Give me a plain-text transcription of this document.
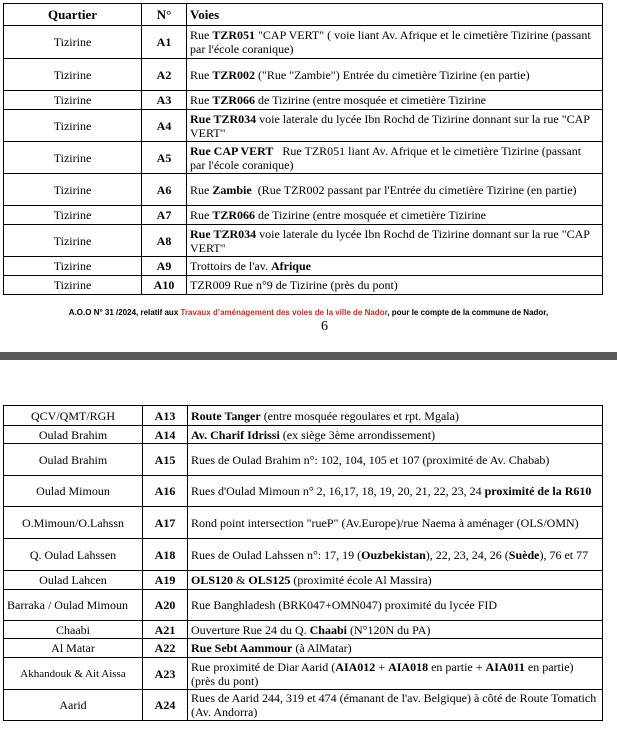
Quartier	N°	Voies
Tizirine	A1	Rue TZR051 "CAP VERT" ( voie liant Av. Afrique et le cimetière Tizirine (passant par l'école coranique)
Tizirine	A2	Rue TZR002 ("Rue "Zambie") Entrée du cimetière Tizirine (en partie)
Tizirine	A3	Rue TZR066 de Tizirine (entre mosquée et cimetière Tizirine
Tizirine	A4	Rue TZR034 voie laterale du lycée Ibn Rochd de Tizirine donnant sur la rue "CAP VERT"
Tizirine	A5	Rue CAP VERT   Rue TZR051 liant Av. Afrique et le cimetière Tizirine (passant par l'école coranique)
Tizirine	A6	Rue Zambie  (Rue TZR002 passant par l'Entrée du cimetière Tizirine (en partie)
Tizirine	A7	Rue TZR066 de Tizirine (entre mosquée et cimetière Tizirine
Tizirine	A8	Rue TZR034 voie laterale du lycée Ibn Rochd de Tizirine donnant sur la rue "CAP VERT"
Tizirine	A9	Trottoirs de l'av. Afrique
Tizirine	A10	TZR009 Rue n°9 de Tizirine (près du pont)
A.O.O N° 31 /2024, relatif aux Travaux d’aménagement des voies de la ville de Nador, pour le compte de la commune de Nador,
6
QCV/QMT/RGH	A13	Route Tanger (entre mosquée regoulares et rpt. Mgala)
Oulad Brahim	A14	Av. Charif Idrissi (ex siège 3ème arrondissement)
Oulad Brahim	A15	Rues de Oulad Brahim n°: 102, 104, 105 et 107 (proximité de Av. Chabab)
Oulad Mimoun	A16	Rues d'Oulad Mimoun n° 2, 16,17, 18, 19, 20, 21, 22, 23, 24 proximité de la R610
O.Mimoun/O.Lahssn	A17	Rond point intersection "rueP" (Av.Europe)/rue Naema à aménager (OLS/OMN)
Q. Oulad Lahssen	A18	Rues de Oulad Lahssen n°: 17, 19 (Ouzbekistan), 22, 23, 24, 26 (Suède), 76 et 77
Oulad Lahcen	A19	OLS120 & OLS125 (proximité école Al Massira)
Barraka / Oulad Mimoun	A20	Rue Banghladesh (BRK047+OMN047) proximité du lycée FID
Chaabi	A21	Ouverture Rue 24 du Q. Chaabi (N°120N du PA)
Al Matar	A22	Rue Sebt Aammour (à AlMatar)
Akhandouk & Ait Aissa	A23	Rue proximité de Diar Aarid (AIA012 + AIA018 en partie + AIA011 en partie) (près du pont)
Aarid	A24	Rues de Aarid 244, 319 et 474 (émanant de l'av. Belgique) à côté de Route Tomatich (Av. Andorra)
